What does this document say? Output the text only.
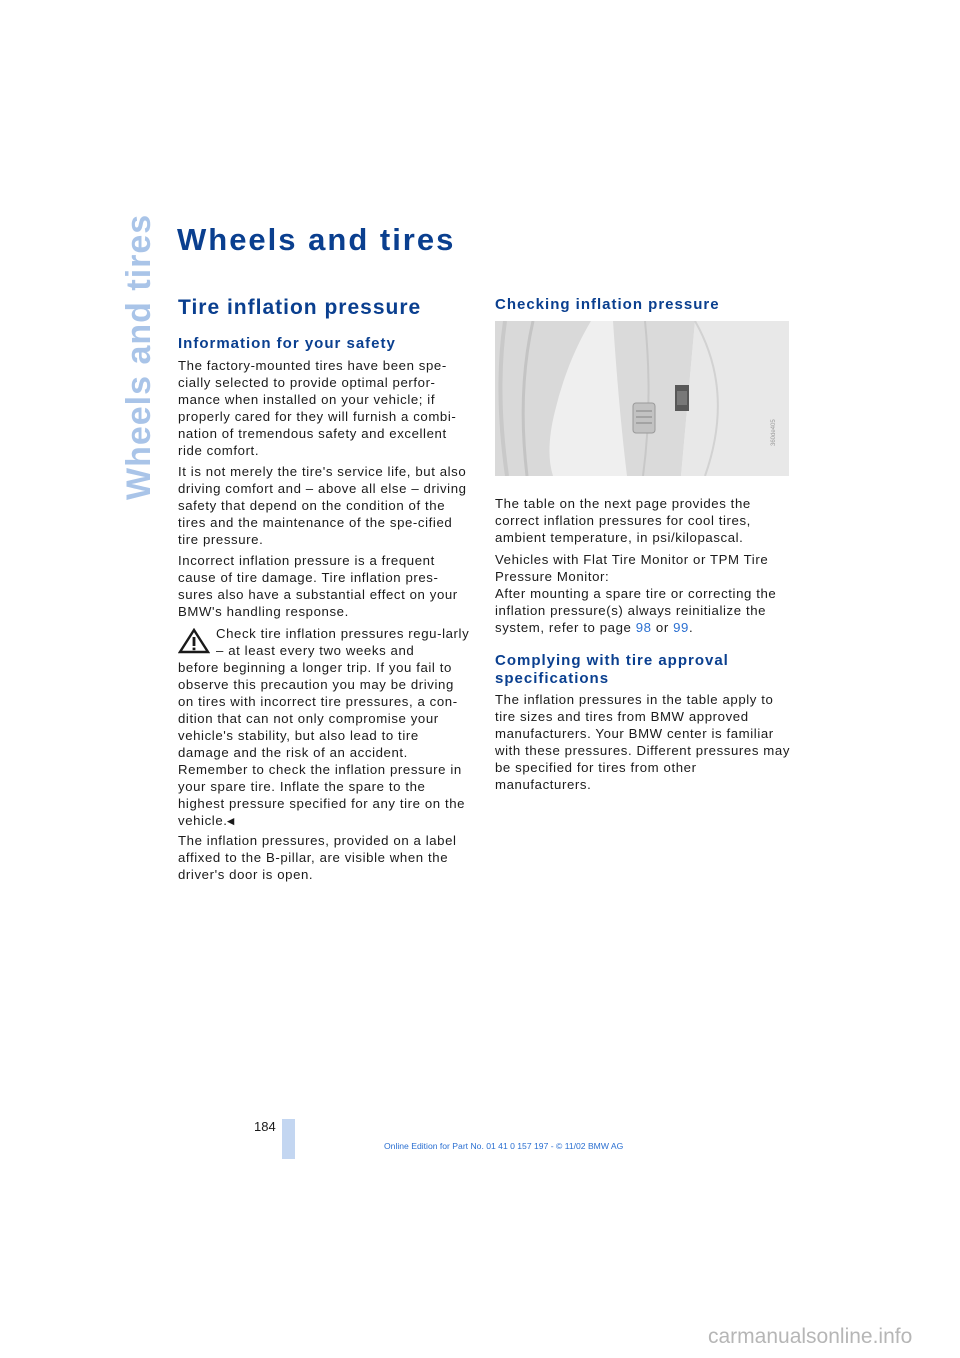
Wheels and tires Wheels and tires
Tire inflation pressure
Information for your safety

The factory-mounted tires have been spe-cially selected to provide optimal perfor-mance when installed on your vehicle; if properly cared for they will furnish a combi-nation of tremendous safety and excellent ride comfort.

It is not merely the tire's service life, but also driving comfort and – above all else – driving safety that depend on the condition of the tires and the maintenance of the spe-cified tire pressure.

Incorrect inflation pressure is a frequent cause of tire damage. Tire inflation pres-sures also have a substantial effect on your BMW's handling response.

Check tire inflation pressures regu-larly – at least every two weeks and

before beginning a longer trip. If you fail to observe this precaution you may be driving on tires with incorrect tire pressures, a con-dition that can not only compromise your vehicle's stability, but also lead to tire damage and the risk of an accident. Remember to check the inflation pressure in your spare tire. Inflate the spare to the highest pressure specified for any tire on the vehicle.◂

The inflation pressures, provided on a label affixed to the B-pillar, are visible when the driver's door is open.

Checking inflation pressure
360de405

The table on the next page provides the correct inflation pressures for cool tires, ambient temperature, in psi/kilopascal.

Vehicles with Flat Tire Monitor or TPM Tire Pressure Monitor:

After mounting a spare tire or correcting the inflation pressure(s) always reinitialize the system, refer to page 98 or 99.

Complying with tire approval specifications

The inflation pressures in the table apply to tire sizes and tires from BMW approved manufacturers. Your BMW center is familiar with these pressures. Different pressures may be specified for tires from other manufacturers.

184
Online Edition for Part No. 01 41 0 157 197 - © 11/02 BMW AG
carmanualsonline.info
